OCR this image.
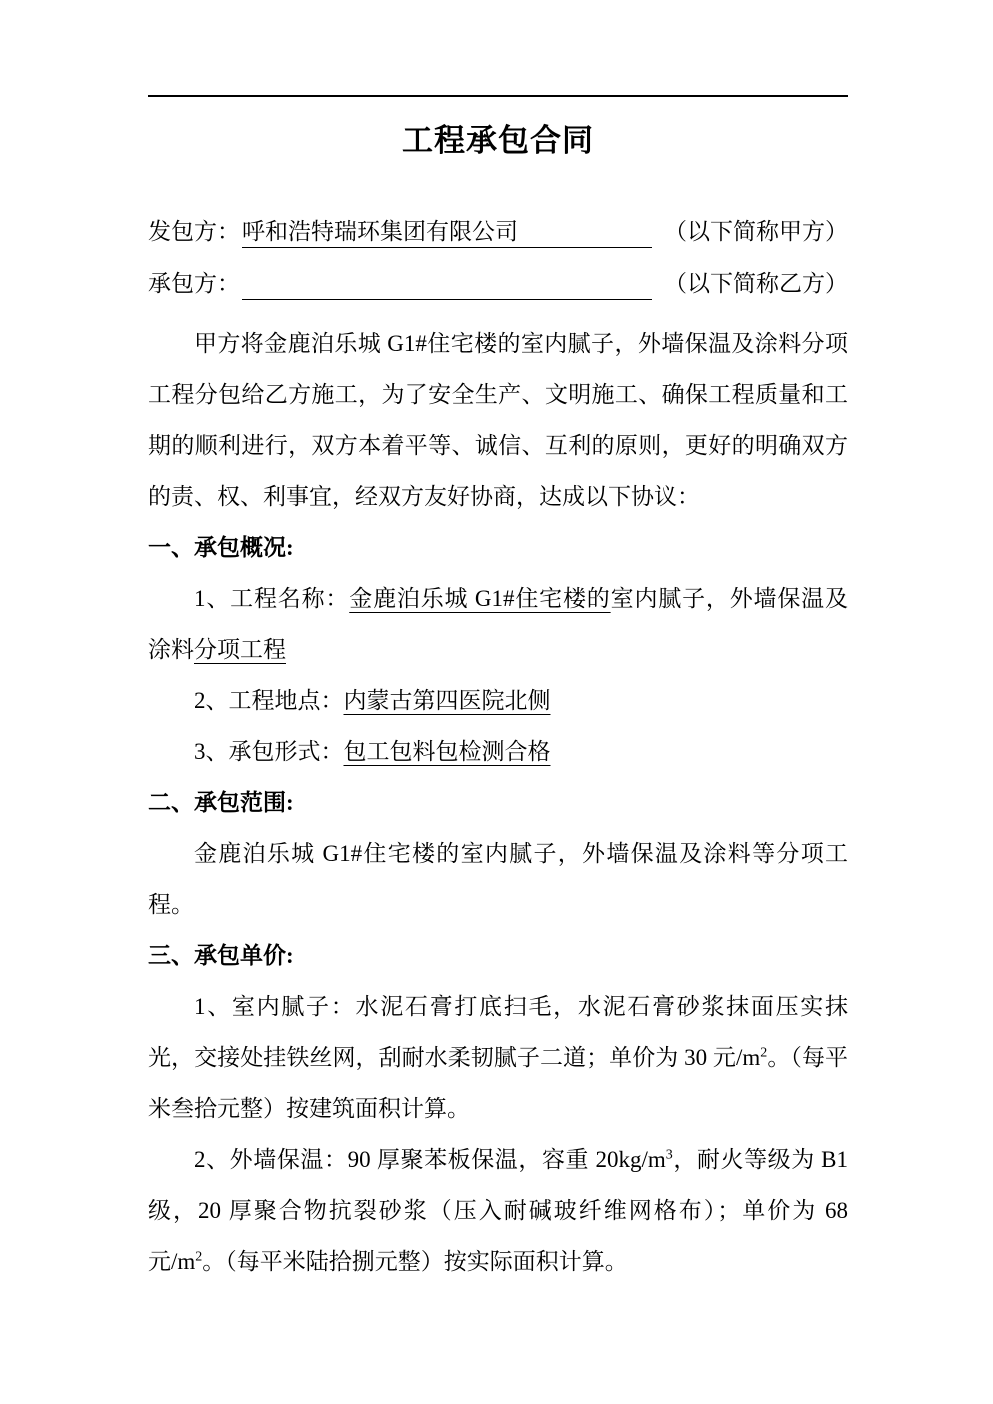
工程承包合同
发包方： 呼和浩特瑞环集团有限公司	（以下简称甲方）
承包方：	（以下简称乙方）
甲方将金鹿泊乐城 G1#住宅楼的室内腻子，外墙保温及涂料分项工程分包给乙方施工，为了安全生产、文明施工、确保工程质量和工期的顺利进行，双方本着平等、诚信、互利的原则，更好的明确双方的责、权、利事宜，经双方友好协商，达成以下协议：
一、承包概况:
1、工程名称：金鹿泊乐城 G1#住宅楼的室内腻子，外墙保温及涂料分项工程
2、工程地点：内蒙古第四医院北侧
3、承包形式：包工包料包检测合格
二、承包范围:
金鹿泊乐城 G1#住宅楼的室内腻子，外墙保温及涂料等分项工程。
三、承包单价:
1、室内腻子：水泥石膏打底扫毛，水泥石膏砂浆抹面压实抹光，交接处挂铁丝网，刮耐水柔韧腻子二道；单价为 30 元$/m^2$。（每平米叁拾元整）按建筑面积计算。
2、外墙保温：90 厚聚苯板保温，容重 $20kg/m^3$，耐火等级为 B1 级，20 厚聚合物抗裂砂浆（压入耐碱玻纤维网格布）；单价为 68 元$/m^2$。（每平米陆拾捌元整）按实际面积计算。
